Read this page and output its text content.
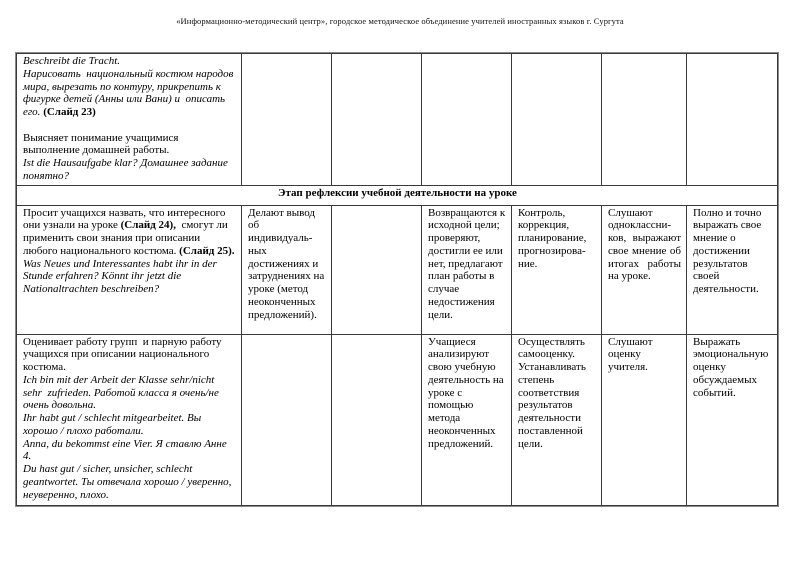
«Информационно-методический центр», городское методическое объединение учителей иностранных языков г. Сургута
Beschreibt die Tracht.
Нарисовать  национальный костюм народов мира, вырезать по контуру, прикрепить к фигурке детей (Анны или Вани) и  описать  его. (Слайд 23)

Выясняет понимание учащимися выполнение домашней работы.
Ist die Hausaufgabe klar? Домашнее задание понятно?						

Этап рефлексии учебной деятельности на уроке						

Просит учащихся назвать, что интересного они узнали на уроке (Слайд 24),  смогут ли применить свои знания при описании любого национального костюма. (Слайд 25).
Was Neues und Interessantes habt ihr in der Stunde erfahren? Könnt ihr jetzt die Nationaltrachten beschreiben?	Делают вывод об индивидуаль-ных достижениях и затруднениях на уроке (метод неоконченных предложений).		Возвращаются к исходной цели; проверяют, достигли ее или нет, предлагают план работы в случае недостижения цели.	Контроль, коррекция, планирование, прогнозирова-ние.	Слушают одноклассни-ков,  выражают свое мнение об итогах  работы на уроке.	Полно и точно выражать свое мнение о достижении результатов своей деятельности.

Оценивает работу групп  и парную работу учащихся при описании национального костюма.
Ich bin mit der Arbeit der Klasse sehr/nicht sehr  zufrieden. Работой класса я очень/не очень довольна.
Ihr habt gut / schlecht mitgearbeitet. Вы хорошо / плохо работали.
Anna, du bekommst eine Vier. Я ставлю Анне  4.
Du hast gut / sicher, unsicher, schlecht geantwortet. Ты отвечала хорошо / уверенно, неуверенно, плохо.			Учащиеся анализируют свою учебную деятельность на уроке с помощью метода неоконченных предложений.	Осуществлять самооценку. Устанавливать степень соответствия результатов деятельности поставленной цели.	Слушают оценку учителя.	Выражать эмоциональную оценку обсуждаемых событий.
